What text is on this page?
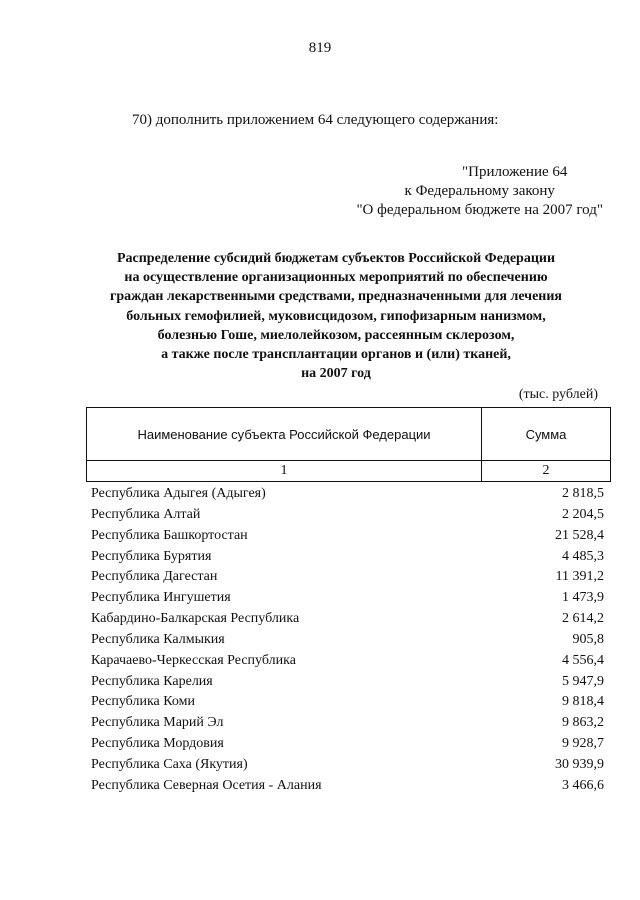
819
70) дополнить приложением 64 следующего содержания:
"Приложение 64
к Федеральному закону
"О федеральном бюджете на 2007 год"
Распределение субсидий бюджетам субъектов Российской Федерации
на осуществление организационных мероприятий по обеспечению
граждан лекарственными средствами, предназначенными для лечения
больных гемофилией, муковисцидозом, гипофизарным нанизмом,
болезнью Гоше, миелолейкозом, рассеянным склерозом,
а также после трансплантации органов и (или) тканей,
на 2007 год
(тыс. рублей)
Наименование субъекта Российской Федерации	Сумма
1	2
Республика Адыгея (Адыгея)	2 818,5
Республика Алтай	2 204,5
Республика Башкортостан	21 528,4
Республика Бурятия	4 485,3
Республика Дагестан	11 391,2
Республика Ингушетия	1 473,9
Кабардино-Балкарская Республика	2 614,2
Республика Калмыкия	905,8
Карачаево-Черкесская Республика	4 556,4
Республика Карелия	5 947,9
Республика Коми	9 818,4
Республика Марий Эл	9 863,2
Республика Мордовия	9 928,7
Республика Саха (Якутия)	30 939,9
Республика Северная Осетия - Алания	3 466,6
